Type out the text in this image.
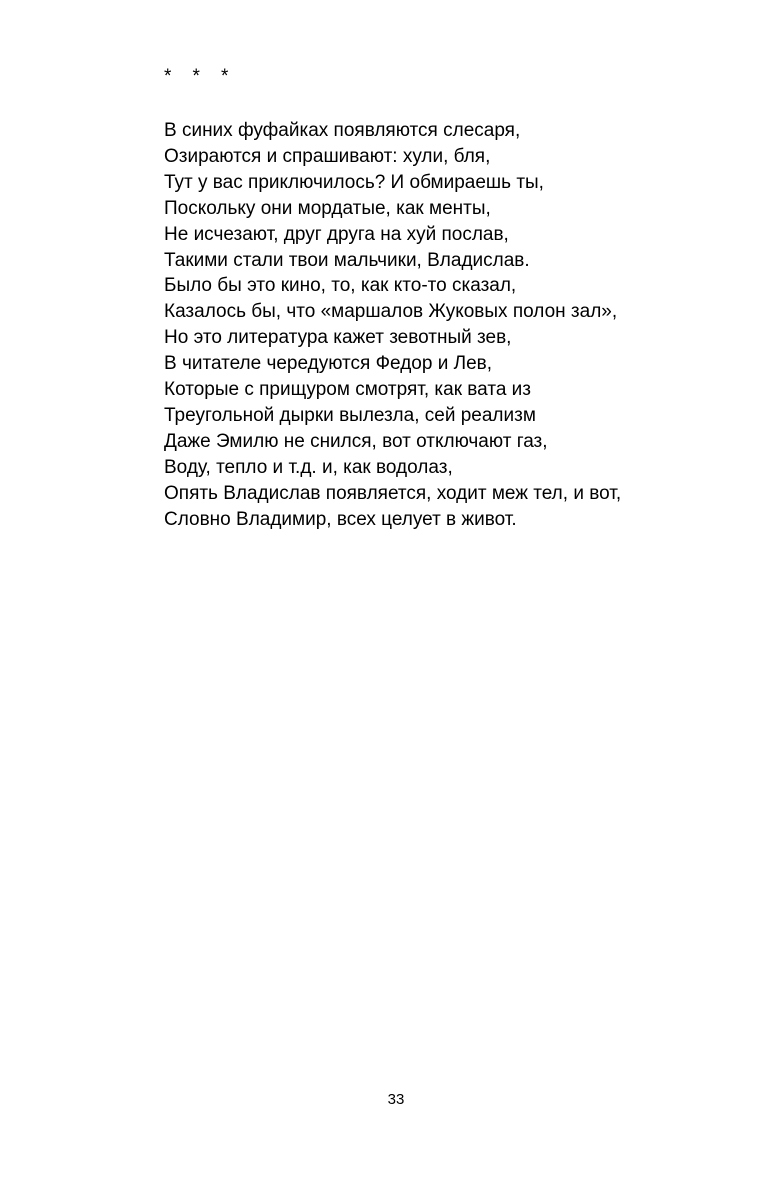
*    *    *
В синих фуфайках появляются слесаря,
Озираются и спрашивают: хули, бля,
Тут у вас приключилось? И обмираешь ты,
Поскольку они мордатые, как менты,
Не исчезают, друг друга на хуй послав,
Такими стали твои мальчики, Владислав.
Было бы это кино, то, как кто-то сказал,
Казалось бы, что «маршалов Жуковых полон зал»,
Но это литература кажет зевотный зев,
В читателе чередуются Федор и Лев,
Которые с прищуром смотрят, как вата из
Треугольной дырки вылезла, сей реализм
Даже Эмилю не снился, вот отключают газ,
Воду, тепло и т.д. и, как водолаз,
Опять Владислав появляется, ходит меж тел, и вот,
Словно Владимир, всех целует в живот.
33
